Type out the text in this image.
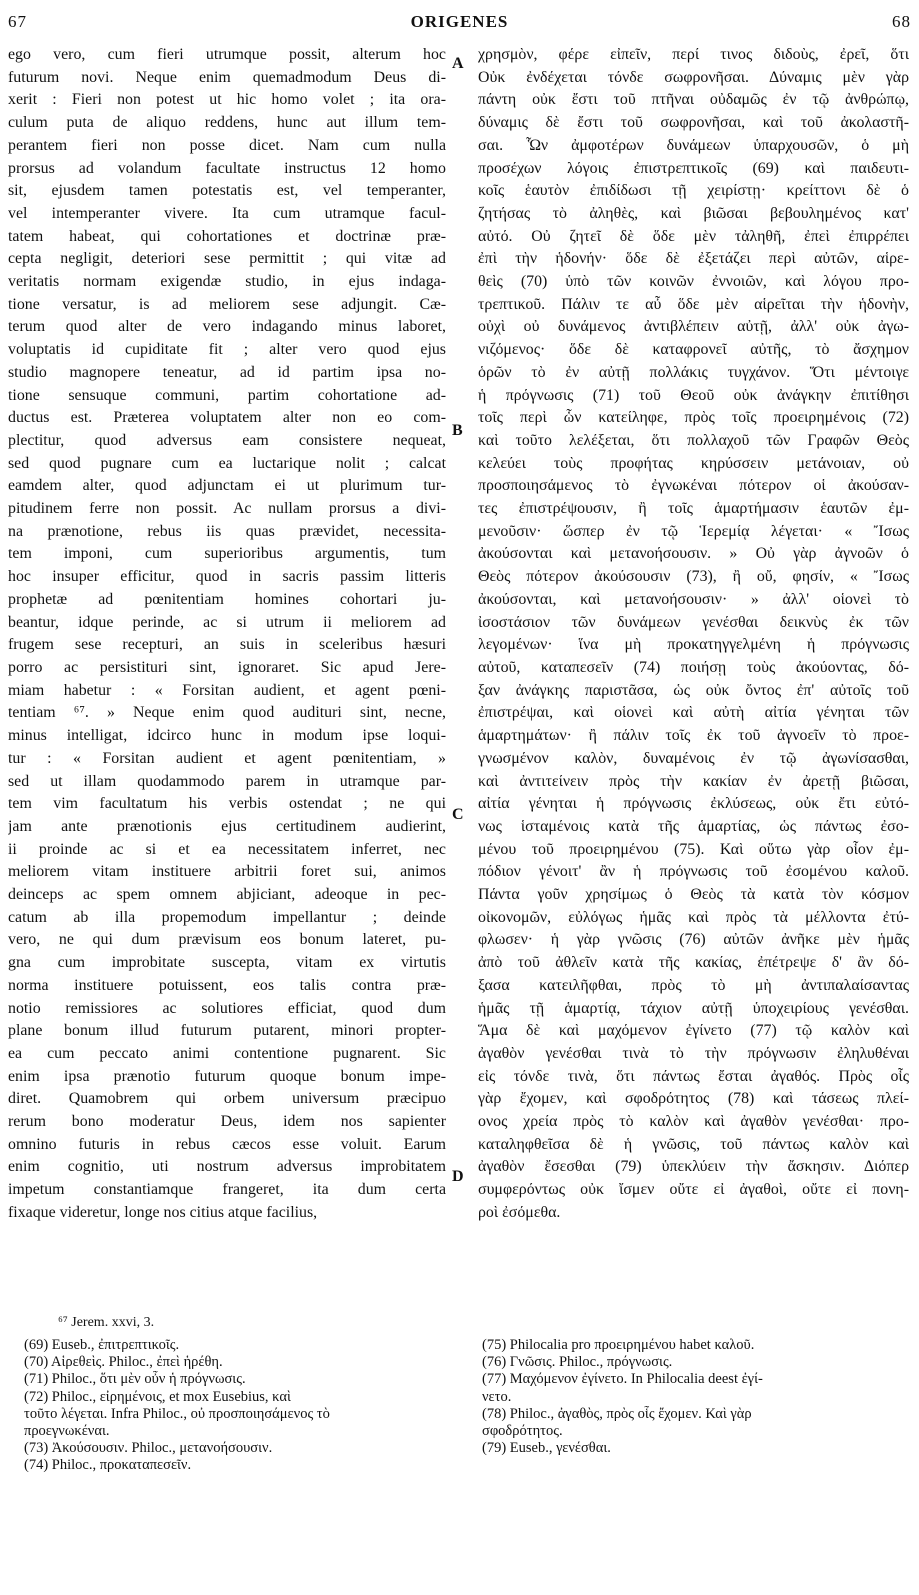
67	ORIGENES	68
ego vero, cum fieri utrumque possit, alterum hoc
futurum novi. Neque enim quemadmodum Deus di-
xerit : Fieri non potest ut hic homo volet ; ita ora-
culum puta de aliquo reddens, hunc aut illum tem-
perantem fieri non posse dicet. Nam cum nulla
prorsus ad volandum facultate instructus 12 homo
sit, ejusdem tamen potestatis est, vel temperanter,
vel intemperanter vivere. Ita cum utramque facul-
tatem habeat, qui cohortationes et doctrinæ præ-
cepta negligit, deteriori sese permittit ; qui vitæ ad
veritatis normam exigendæ studio, in ejus indaga-
tione versatur, is ad meliorem sese adjungit. Cæ-
terum quod alter de vero indagando minus laboret,
voluptatis id cupiditate fit ; alter vero quod ejus
studio magnopere teneatur, ad id partim ipsa no-
tione sensuque communi, partim cohortatione ad-
ductus est. Præterea voluptatem alter non eo com-
plectitur, quod adversus eam consistere nequeat,
sed quod pugnare cum ea luctarique nolit ; calcat
eamdem alter, quod adjunctam ei ut plurimum tur-
pitudinem ferre non possit. Ac nullam prorsus a divi-
na prænotione, rebus iis quas prævidet, necessita-
tem imponi, cum superioribus argumentis, tum
hoc insuper efficitur, quod in sacris passim litteris
prophetæ ad pœnitentiam homines cohortari ju-
beantur, idque perinde, ac si utrum ii meliorem ad
frugem sese recepturi, an suis in sceleribus hæsuri
porro ac persistituri sint, ignoraret. Sic apud Jere-
miam habetur : « Forsitan audient, et agent pœni-
tentiam ⁶⁷. » Neque enim quod audituri sint, necne,
minus intelligat, idcirco hunc in modum ipse loqui-
tur : « Forsitan audient et agent pœnitentiam, »
sed ut illam quodammodo parem in utramque par-
tem vim facultatum his verbis ostendat ; ne qui
jam ante prænotionis ejus certitudinem audierint,
ii proinde ac si et ea necessitatem inferret, nec
meliorem vitam instituere arbitrii foret sui, animos
deinceps ac spem omnem abjiciant, adeoque in pec-
catum ab illa propemodum impellantur ; deinde
vero, ne qui dum prævisum eos bonum lateret, pu-
gna cum improbitate suscepta, vitam ex virtutis
norma instituere potuissent, eos talis contra præ-
notio remissiores ac solutiores efficiat, quod dum
plane bonum illud futurum putarent, minori propter-
ea cum peccato animi contentione pugnarent. Sic
enim ipsa prænotio futurum quoque bonum impe-
diret. Quamobrem qui orbem universum præcipuo
rerum bono moderatur Deus, idem nos sapienter
omnino futuris in rebus cæcos esse voluit. Earum
enim cognitio, uti nostrum adversus improbitatem
impetum constantiamque frangeret, ita dum certa
fixaque videretur, longe nos citius atque facilius,
χρησμὸν, φέρε εἰπεῖν, περί τινος διδοὺς, ἐρεῖ, ὅτι
Οὐκ ἐνδέχεται τόνδε σωφρονῆσαι. Δύναμις μὲν γὰρ
πάντη οὐκ ἔστι τοῦ πτῆναι οὐδαμῶς ἐν τῷ ἀνθρώπῳ,
δύναμις δὲ ἔστι τοῦ σωφρονῆσαι, καὶ τοῦ ἀκολαστῆ-
σαι. Ὧν ἀμφοτέρων δυνάμεων ὑπαρχουσῶν, ὁ μὴ
προσέχων λόγοις ἐπιστρεπτικοῖς (69) καὶ παιδευτι-
κοῖς ἑαυτὸν ἐπιδίδωσι τῇ χειρίστῃ· κρείττονι δὲ ὁ
ζητήσας τὸ ἀληθὲς, καὶ βιῶσαι βεβουλημένος κατ'
αὐτό. Οὐ ζητεῖ δὲ ὅδε μὲν τἀληθῆ, ἐπεὶ ἐπιρρέπει
ἐπὶ τὴν ἡδονήν· ὅδε δὲ ἐξετάζει περὶ αὐτῶν, αἱρε-
θεὶς (70) ὑπὸ τῶν κοινῶν ἐννοιῶν, καὶ λόγου προ-
τρεπτικοῦ. Πάλιν τε αὖ ὅδε μὲν αἱρεῖται τὴν ἡδονὴν,
οὐχὶ οὐ δυνάμενος ἀντιβλέπειν αὐτῇ, ἀλλ' οὐκ ἀγω-
νιζόμενος· ὅδε δὲ καταφρονεῖ αὐτῆς, τὸ ἄσχημον
ὁρῶν τὸ ἐν αὐτῇ πολλάκις τυγχάνον. Ὅτι μέντοιγε
ἡ πρόγνωσις (71) τοῦ Θεοῦ οὐκ ἀνάγκην ἐπιτίθησι
τοῖς περὶ ὧν κατείληφε, πρὸς τοῖς προειρημένοις (72)
καὶ τοῦτο λελέξεται, ὅτι πολλαχοῦ τῶν Γραφῶν Θεὸς
κελεύει τοὺς προφήτας κηρύσσειν μετάνοιαν, οὐ
προσποιησάμενος τὸ ἐγνωκέναι πότερον οἱ ἀκούσαν-
τες ἐπιστρέψουσιν, ἢ τοῖς ἁμαρτήμασιν ἑαυτῶν ἐμ-
μενοῦσιν· ὥσπερ ἐν τῷ Ἱερεμίᾳ λέγεται· « Ἴσως
ἀκούσονται καὶ μετανοήσουσιν. » Οὐ γὰρ ἀγνοῶν ὁ
Θεὸς πότερον ἀκούσουσιν (73), ἢ οὔ, φησίν, « Ἴσως
ἀκούσονται, καὶ μετανοήσουσιν· » ἀλλ' οἱονεὶ τὸ
ἰσοστάσιον τῶν δυνάμεων γενέσθαι δεικνὺς ἐκ τῶν
λεγομένων· ἵνα μὴ προκατηγγελμένη ἡ πρόγνωσις
αὐτοῦ, καταπεσεῖν (74) ποιήσῃ τοὺς ἀκούοντας, δό-
ξαν ἀνάγκης παριστᾶσα, ὡς οὐκ ὄντος ἐπ' αὐτοῖς τοῦ
ἐπιστρέψαι, καὶ οἱονεὶ καὶ αὐτὴ αἰτία γένηται τῶν
ἁμαρτημάτων· ἢ πάλιν τοῖς ἐκ τοῦ ἀγνοεῖν τὸ προε-
γνωσμένον καλὸν, δυναμένοις ἐν τῷ ἀγωνίσασθαι,
καὶ ἀντιτείνειν πρὸς τὴν κακίαν ἐν ἀρετῇ βιῶσαι,
αἰτία γένηται ἡ πρόγνωσις ἐκλύσεως, οὐκ ἔτι εὐτό-
νως ἱσταμένοις κατὰ τῆς ἁμαρτίας, ὡς πάντως ἐσο-
μένου τοῦ προειρημένου (75). Καὶ οὕτω γὰρ οἷον ἐμ-
πόδιον γένοιτ' ἂν ἡ πρόγνωσις τοῦ ἐσομένου καλοῦ.
Πάντα γοῦν χρησίμως ὁ Θεὸς τὰ κατὰ τὸν κόσμον
οἰκονομῶν, εὐλόγως ἡμᾶς καὶ πρὸς τὰ μέλλοντα ἐτύ-
φλωσεν· ἡ γὰρ γνῶσις (76) αὐτῶν ἀνῆκε μὲν ἡμᾶς
ἀπὸ τοῦ ἀθλεῖν κατὰ τῆς κακίας, ἐπέτρεψε δ' ἂν δό-
ξασα κατειλῆφθαι, πρὸς τὸ μὴ ἀντιπαλαίσαντας
ἡμᾶς τῇ ἁμαρτίᾳ, τάχιον αὐτῇ ὑποχειρίους γενέσθαι.
Ἅμα δὲ καὶ μαχόμενον ἐγίνετο (77) τῷ καλὸν καὶ
ἀγαθὸν γενέσθαι τινὰ τὸ τὴν πρόγνωσιν ἐληλυθέναι
εἰς τόνδε τινὰ, ὅτι πάντως ἔσται ἀγαθός. Πρὸς οἷς
γὰρ ἔχομεν, καὶ σφοδρότητος (78) καὶ τάσεως πλεί-
ονος χρεία πρὸς τὸ καλὸν καὶ ἀγαθὸν γενέσθαι· προ-
καταληφθεῖσα δὲ ἡ γνῶσις, τοῦ πάντως καλὸν καὶ
ἀγαθὸν ἔσεσθαι (79) ὑπεκλύειν τὴν ἄσκησιν. Διόπερ
συμφερόντως οὐκ ἴσμεν οὔτε εἰ ἀγαθοὶ, οὔτε εἰ πονη-
ροὶ ἐσόμεθα.
A
B
C
D
⁶⁷ Jerem. xxvi, 3.
(69) Euseb., ἐπιτρεπτικοῖς.
(70) Αἱρεθεὶς. Philoc., ἐπεὶ ἡρέθη.
(71) Philoc., ὅτι μὲν οὖν ἡ πρόγνωσις.
(72) Philoc., εἰρημένοις, et mox Eusebius, καὶ
τοῦτο λέγεται. Infra Philoc., οὐ προσποιησάμενος τὸ
προεγνωκέναι.
(73) Ἀκούσουσιν. Philoc., μετανοήσουσιν.
(74) Philoc., προκαταπεσεῖν.
(75) Philocalia pro προειρημένου habet καλοῦ.
(76) Γνῶσις. Philoc., πρόγνωσις.
(77) Μαχόμενον ἐγίνετο. In Philocalia deest ἐγί-
νετο.
(78) Philoc., ἀγαθὸς, πρὸς οἷς ἔχομεν. Καὶ γὰρ
σφοδρότητος.
(79) Euseb., γενέσθαι.
